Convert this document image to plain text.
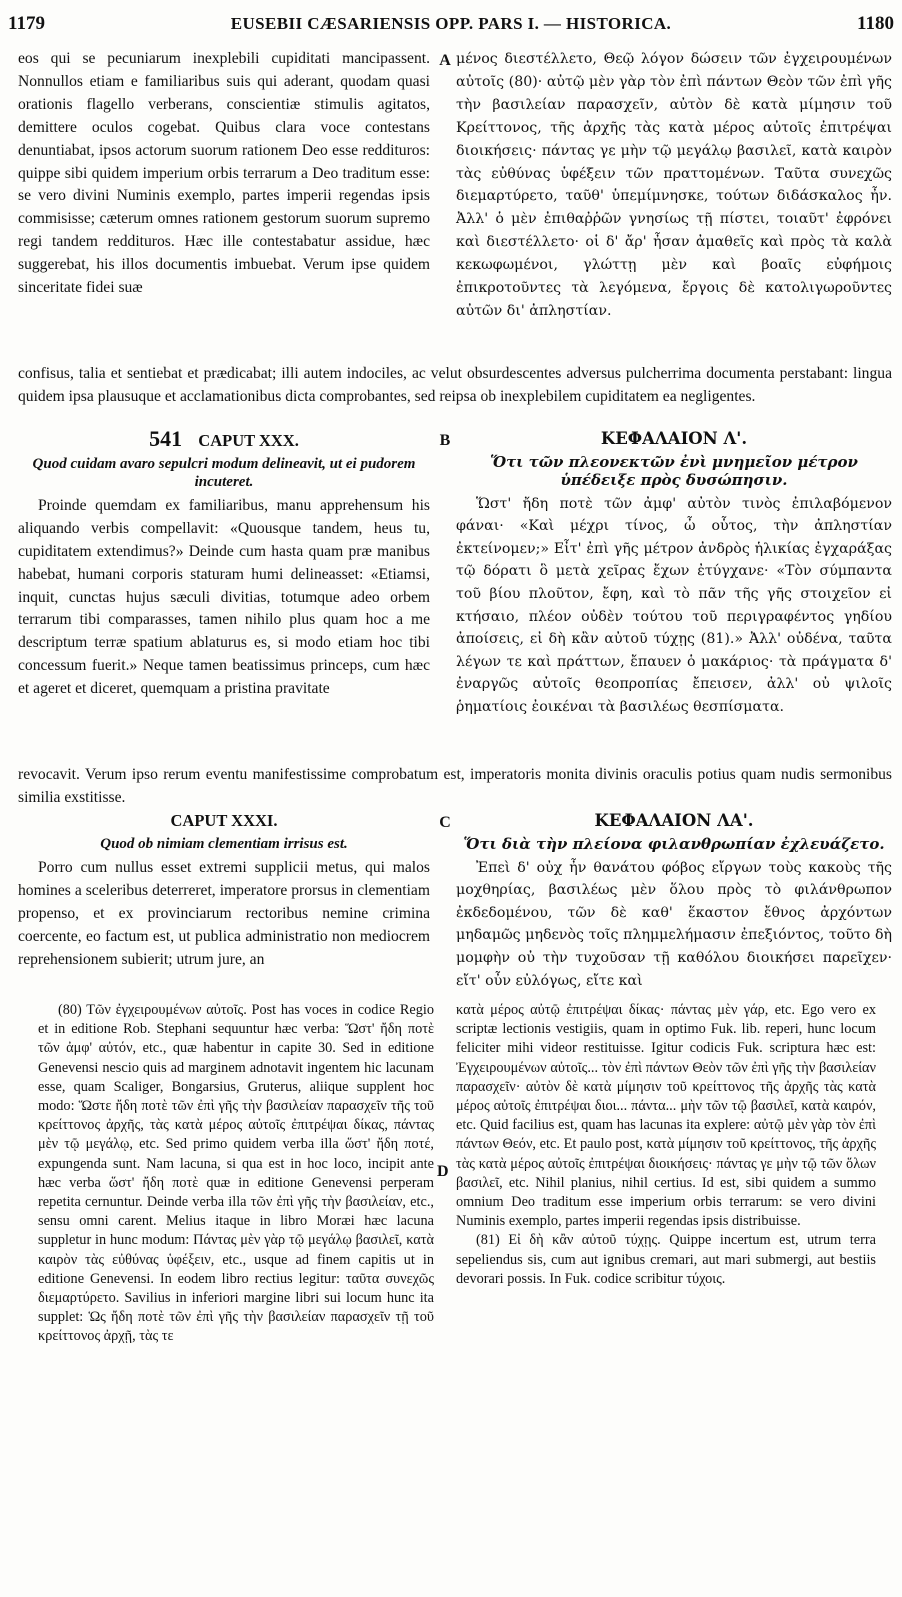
1179	EUSEBII CÆSARIENSIS OPP. PARS I. — HISTORICA.	1180
A

eos qui se pecuniarum inexplebili cupiditati mancipassent. Nonnullos etiam e familiaribus suis qui aderant, quodam quasi orationis flagello verberans, conscientiæ stimulis agitatos, demittere oculos cogebat. Quibus clara voce contestans denuntiabat, ipsos actorum suorum rationem Deo esse reddituros: quippe sibi quidem imperium orbis terrarum a Deo traditum esse: se vero divini Numinis exemplo, partes imperii regendas ipsis commisisse; cæterum omnes rationem gestorum suorum supremo regi tandem reddituros. Hæc ille contestabatur assidue, hæc suggerebat, his illos documentis imbuebat. Verum ipse quidem sinceritate fidei suæ

μένος διεστέλλετο, Θεῷ λόγον δώσειν τῶν ἐγχειρουμένων αὐτοῖς (80)· αὐτῷ μὲν γὰρ τὸν ἐπὶ πάντων Θεὸν τῶν ἐπὶ γῆς τὴν βασιλείαν παρασχεῖν, αὐτὸν δὲ κατὰ μίμησιν τοῦ Κρείττονος, τῆς ἀρχῆς τὰς κατὰ μέρος αὐτοῖς ἐπιτρέψαι διοικήσεις· πάντας γε μὴν τῷ μεγάλῳ βασιλεῖ, κατὰ καιρὸν τὰς εὐθύνας ὑφέξειν τῶν πραττομένων. Ταῦτα συνεχῶς διεμαρτύρετο, ταῦθ' ὑπεμίμνησκε, τούτων διδάσκαλος ἦν. Ἀλλ' ὁ μὲν ἐπιθαῤῥῶν γνησίως τῇ πίστει, τοιαῦτ' ἐφρόνει καὶ διεστέλλετο· οἱ δ' ἄρ' ἦσαν ἀμαθεῖς καὶ πρὸς τὰ καλὰ κεκωφωμένοι, γλώττῃ μὲν καὶ βοαῖς εὐφήμοις ἐπικροτοῦντες τὰ λεγόμενα, ἔργοις δὲ κατολιγωροῦντες αὐτῶν δι' ἀπληστίαν.

confisus, talia et sentiebat et prædicabat; illi autem indociles, ac velut obsurdescentes adversus pulcherrima documenta perstabant: lingua quidem ipsa plausuque et acclamationibus dicta comprobantes, sed reipsa ob inexplebilem cupiditatem ea negligentes.

B
541 CAPUT XXX.
Quod cuidam avaro sepulcri modum delineavit, ut ei pudorem incuteret.

Proinde quemdam ex familiaribus, manu apprehensum his aliquando verbis compellavit: «Quousque tandem, heus tu, cupiditatem extendimus?» Deinde cum hasta quam præ manibus habebat, humani corporis staturam humi delineasset: «Etiamsi, inquit, cunctas hujus sæculi divitias, totumque adeo orbem terrarum tibi comparasses, tamen nihilo plus quam hoc a me descriptum terræ spatium ablaturus es, si modo etiam hoc tibi concessum fuerit.» Neque tamen beatissimus princeps, cum hæc et ageret et diceret, quemquam a pristina pravitate

ΚΕΦΑΛΑΙΟΝ Λ'.
Ὅτι τῶν πλεονεκτῶν ἐνὶ μνημεῖον μέτρον ὑπέδειξε πρὸς δυσώπησιν.

Ὥστ' ἤδη ποτὲ τῶν ἀμφ' αὐτὸν τινὸς ἐπιλαβόμενον φάναι· «Καὶ μέχρι τίνος, ὦ οὗτος, τὴν ἀπληστίαν ἐκτείνομεν;» Εἶτ' ἐπὶ γῆς μέτρον ἀνδρὸς ἡλικίας ἐγχαράξας τῷ δόρατι ὃ μετὰ χεῖρας ἔχων ἐτύγχανε· «Τὸν σύμπαντα τοῦ βίου πλοῦτον, ἔφη, καὶ τὸ πᾶν τῆς γῆς στοιχεῖον εἰ κτήσαιο, πλέον οὐδὲν τούτου τοῦ περιγραφέντος γηδίου ἀποίσεις, εἰ δὴ κἂν αὐτοῦ τύχῃς (81).» Ἀλλ' οὐδένα, ταῦτα λέγων τε καὶ πράττων, ἔπαυεν ὁ μακάριος· τὰ πράγματα δ' ἐναργῶς αὐτοῖς θεοπροπίας ἔπεισεν, ἀλλ' οὐ ψιλοῖς ῥηματίοις ἐοικέναι τὰ βασιλέως θεσπίσματα.

revocavit. Verum ipso rerum eventu manifestissime comprobatum est, imperatoris monita divinis oraculis potius quam nudis sermonibus similia exstitisse.

C
CAPUT XXXI.
Quod ob nimiam clementiam irrisus est.

Porro cum nullus esset extremi supplicii metus, qui malos homines a sceleribus deterreret, imperatore prorsus in clementiam propenso, et ex provinciarum rectoribus nemine crimina coercente, eo factum est, ut publica administratio non mediocrem reprehensionem subierit; utrum jure, an

ΚΕΦΑΛΑΙΟΝ ΛΑ'.
Ὅτι διὰ τὴν πλείονα φιλανθρωπίαν ἐχλευάζετο.

Ἐπεὶ δ' οὐχ ἦν θανάτου φόβος εἴργων τοὺς κακοὺς τῆς μοχθηρίας, βασιλέως μὲν ὅλου πρὸς τὸ φιλάνθρωπον ἐκδεδομένου, τῶν δὲ καθ' ἕκαστον ἔθνος ἀρχόντων μηδαμῶς μηδενὸς τοῖς πλημμελήμασιν ἐπεξιόντος, τοῦτο δὴ μομφὴν οὐ τὴν τυχοῦσαν τῇ καθόλου διοικήσει παρεῖχεν· εἴτ' οὖν εὐλόγως, εἴτε καὶ

(80) Τῶν ἐγχειρουμένων αὐτοῖς. Post has voces in codice Regio et in editione Rob. Stephani sequuntur hæc verba: Ὥστ' ἤδη ποτὲ τῶν ἀμφ' αὐτόν, etc., quæ habentur in capite 30. Sed in editione Genevensi nescio quis ad marginem adnotavit ingentem hic lacunam esse, quam Scaliger, Bongarsius, Gruterus, aliique supplent hoc modo: Ὥστε ἤδη ποτὲ τῶν ἐπὶ γῆς τὴν βασιλείαν παρασχεῖν τῆς τοῦ κρείττονος ἀρχῆς, τὰς κατὰ μέρος αὐτοῖς ἐπιτρέψαι δίκας, πάντας μὲν τῷ μεγάλῳ, etc. Sed primo quidem verba illa ὥστ' ἤδη ποτέ, expungenda sunt. Nam lacuna, si qua est in hoc loco, incipit ante hæc verba ὥστ' ἤδη ποτὲ quæ in editione Genevensi perperam repetita cernuntur. Deinde verba illa τῶν ἐπὶ γῆς τὴν βασιλείαν, etc., sensu omni carent. Melius itaque in libro Moræi hæc lacuna suppletur in hunc modum: Πάντας μὲν γὰρ τῷ μεγάλῳ βασιλεῖ, κατὰ καιρὸν τὰς εὐθύνας ὑφέξειν, etc., usque ad finem capitis ut in editione Genevensi. In eodem libro rectius legitur: ταῦτα συνεχῶς διεμαρτύρετο. Savilius in inferiori margine libri sui locum hunc ita supplet: Ὡς ἤδη ποτὲ τῶν ἐπὶ γῆς τὴν βασιλείαν παρασχεῖν τῇ τοῦ κρείττονος ἀρχῇ, τὰς τε

D

κατὰ μέρος αὐτῷ ἐπιτρέψαι δίκας· πάντας μὲν γάρ, etc. Ego vero ex scriptæ lectionis vestigiis, quam in optimo Fuk. lib. reperi, hunc locum feliciter mihi videor restituisse. Igitur codicis Fuk. scriptura hæc est: Ἐγχειρουμένων αὐτοῖς... τὸν ἐπὶ πάντων Θεὸν τῶν ἐπὶ γῆς τὴν βασιλείαν παρασχεῖν· αὐτὸν δὲ κατὰ μίμησιν τοῦ κρείττονος τῆς ἀρχῆς τὰς κατὰ μέρος αὐτοῖς ἐπιτρέψαι διοι... πάντα... μὴν τῶν τῷ βασιλεῖ, κατὰ καιρόν, etc. Quid facilius est, quam has lacunas ita explere: αὐτῷ μὲν γὰρ τὸν ἐπὶ πάντων Θεόν, etc. Et paulo post, κατὰ μίμησιν τοῦ κρείττονος, τῆς ἀρχῆς τὰς κατὰ μέρος αὐτοῖς ἐπιτρέψαι διοικήσεις· πάντας γε μὴν τῷ τῶν ὅλων βασιλεῖ, etc. Nihil planius, nihil certius. Id est, sibi quidem a summo omnium Deo traditum esse imperium orbis terrarum: se vero divini Numinis exemplo, partes imperii regendas ipsis distribuisse.

(81) Εἰ δὴ κἂν αὐτοῦ τύχῃς. Quippe incertum est, utrum terra sepeliendus sis, cum aut ignibus cremari, aut mari submergi, aut bestiis devorari possis. In Fuk. codice scribitur τύχοις.
